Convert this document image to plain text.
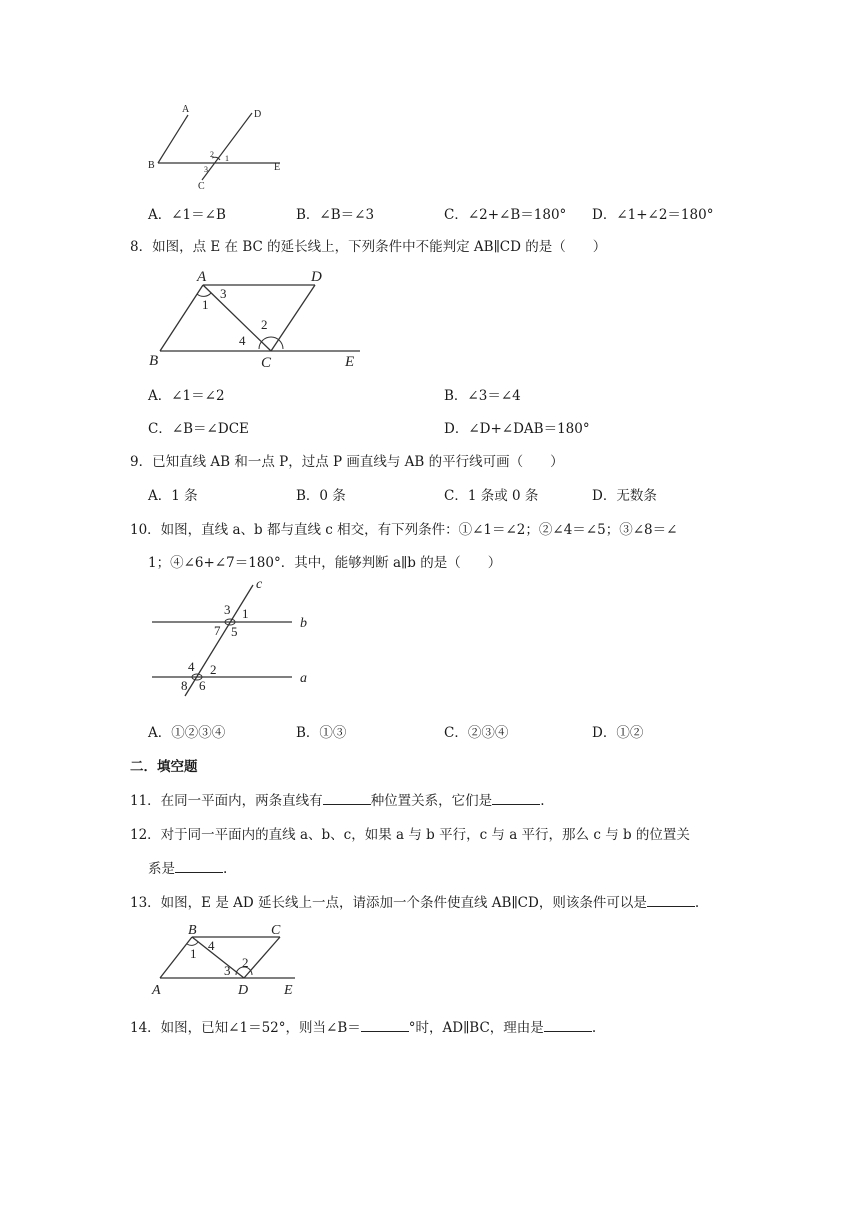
A
B
C
D
E
1
2
3
A．∠1＝∠B	B．∠B＝∠3	C．∠2+∠B＝180° D．∠1+∠2＝180°
8．如图，点 E 在 BC 的延长线上，下列条件中不能判定 AB∥CD 的是（　　）
A
B	C
D
E
1
2
3
4
A．∠1＝∠2	B．∠3＝∠4
C．∠B＝∠DCE	D．∠D+∠DAB＝180°
9．已知直线 AB 和一点 P，过点 P 画直线与 AB 的平行线可画（　　）
A．1 条	B．0 条	C．1 条或 0 条	D．无数条
10．如图，直线 a、b 都与直线 c 相交，有下列条件：①∠1＝∠2；②∠4＝∠5；③∠8＝∠
1；④∠6+∠7＝180°．其中，能够判断 a∥b 的是（　　）
c
b
a
1
2
3
4
5
6
7
8
A．①②③④	B．①③	C．②③④	D．①②
二．填空题
11．在同一平面内，两条直线有	种位置关系，它们是	.
12．对于同一平面内的直线 a、b、c，如果 a 与 b 平行，c 与 a 平行，那么 c 与 b 的位置关
系是	.
13．如图，E 是 AD 延长线上一点，请添加一个条件使直线 AB∥CD，则该条件可以是	.
B	C
A	D	E
1
2
3
4
14．如图，已知∠1＝52°，则当∠B＝	°时，AD∥BC，理由是	.
